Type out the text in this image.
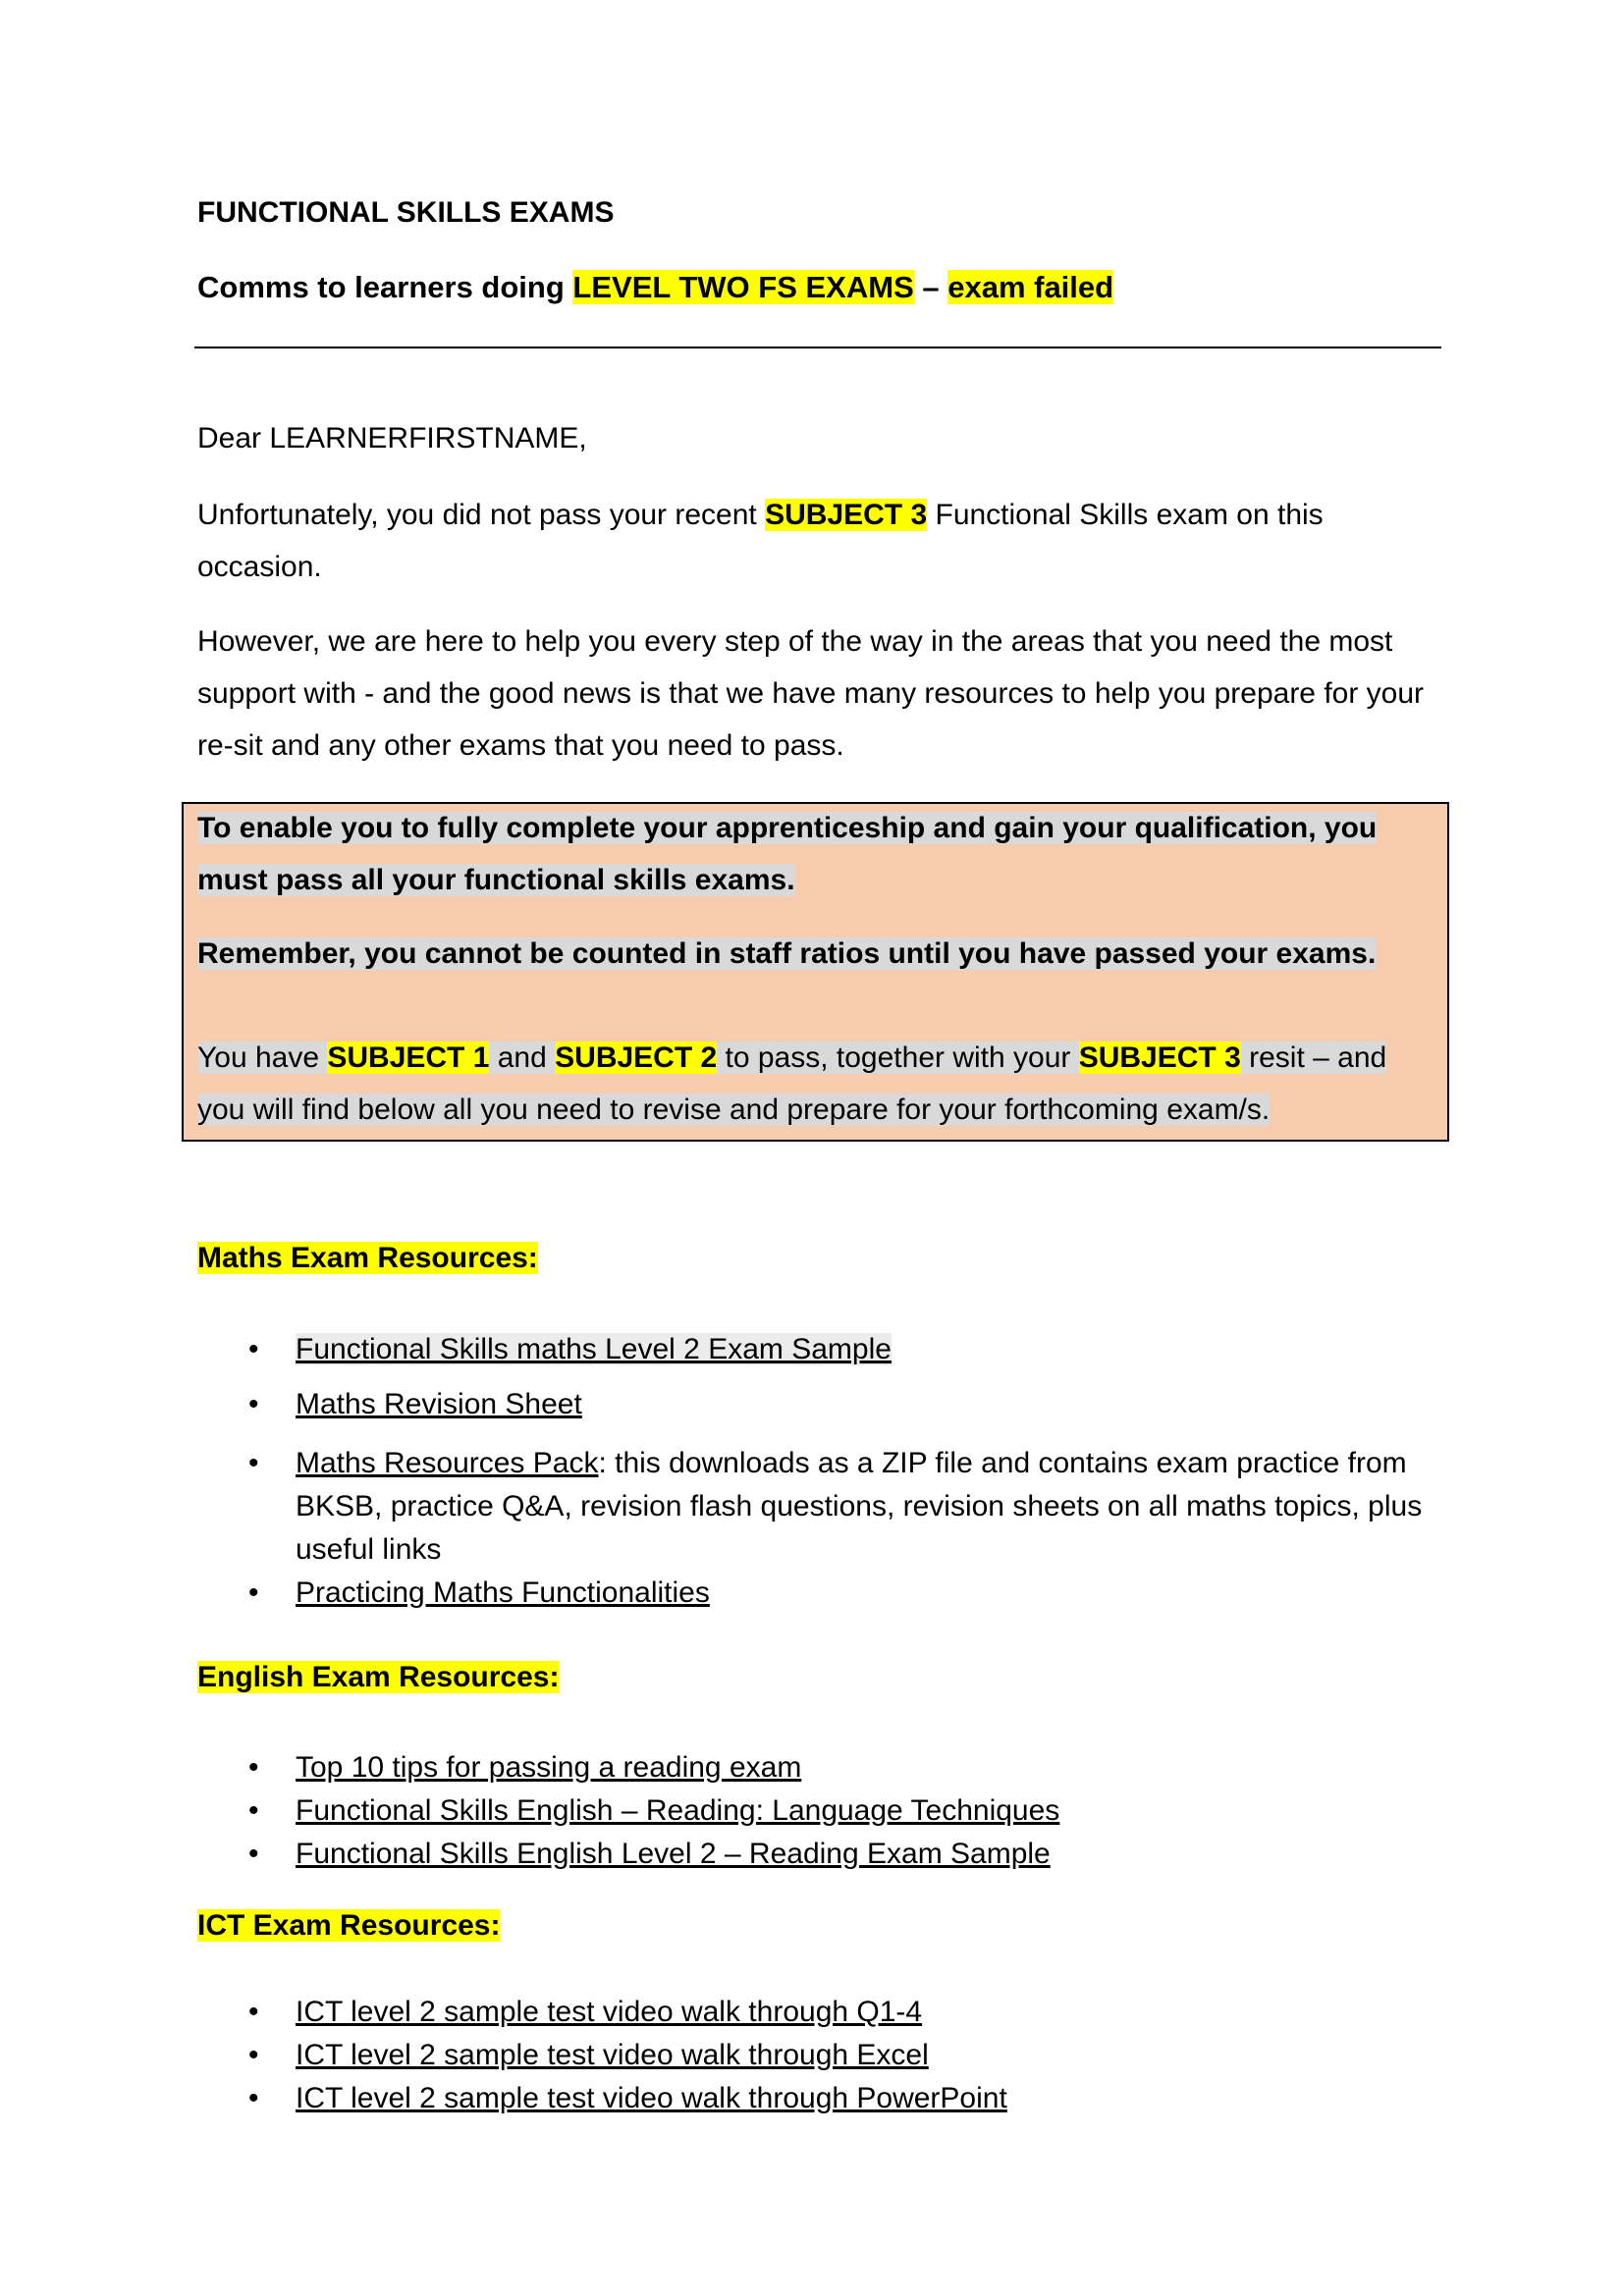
FUNCTIONAL SKILLS EXAMS
Comms to learners doing LEVEL TWO FS EXAMS – exam failed

Dear LEARNERFIRSTNAME,

Unfortunately, you did not pass your recent SUBJECT 3 Functional Skills exam on this occasion.

However, we are here to help you every step of the way in the areas that you need the most support with - and the good news is that we have many resources to help you prepare for your re-sit and any other exams that you need to pass.

To enable you to fully complete your apprenticeship and gain your qualification, you
must pass all your functional skills exams.
Remember, you cannot be counted in staff ratios until you have passed your exams.
You have SUBJECT 1 and SUBJECT 2 to pass, together with your SUBJECT 3 resit – and
you will find below all you need to revise and prepare for your forthcoming exam/s.
Maths Exam Resources:
• Functional Skills maths Level 2 Exam Sample
• Maths Revision Sheet
• Maths Resources Pack: this downloads as a ZIP file and contains exam practice from BKSB, practice Q&A, revision flash questions, revision sheets on all maths topics, plus useful links
• Practicing Maths Functionalities
English Exam Resources:
• Top 10 tips for passing a reading exam
• Functional Skills English – Reading: Language Techniques
• Functional Skills English Level 2 – Reading Exam Sample
ICT Exam Resources:
• ICT level 2 sample test video walk through Q1-4
• ICT level 2 sample test video walk through Excel
• ICT level 2 sample test video walk through PowerPoint
